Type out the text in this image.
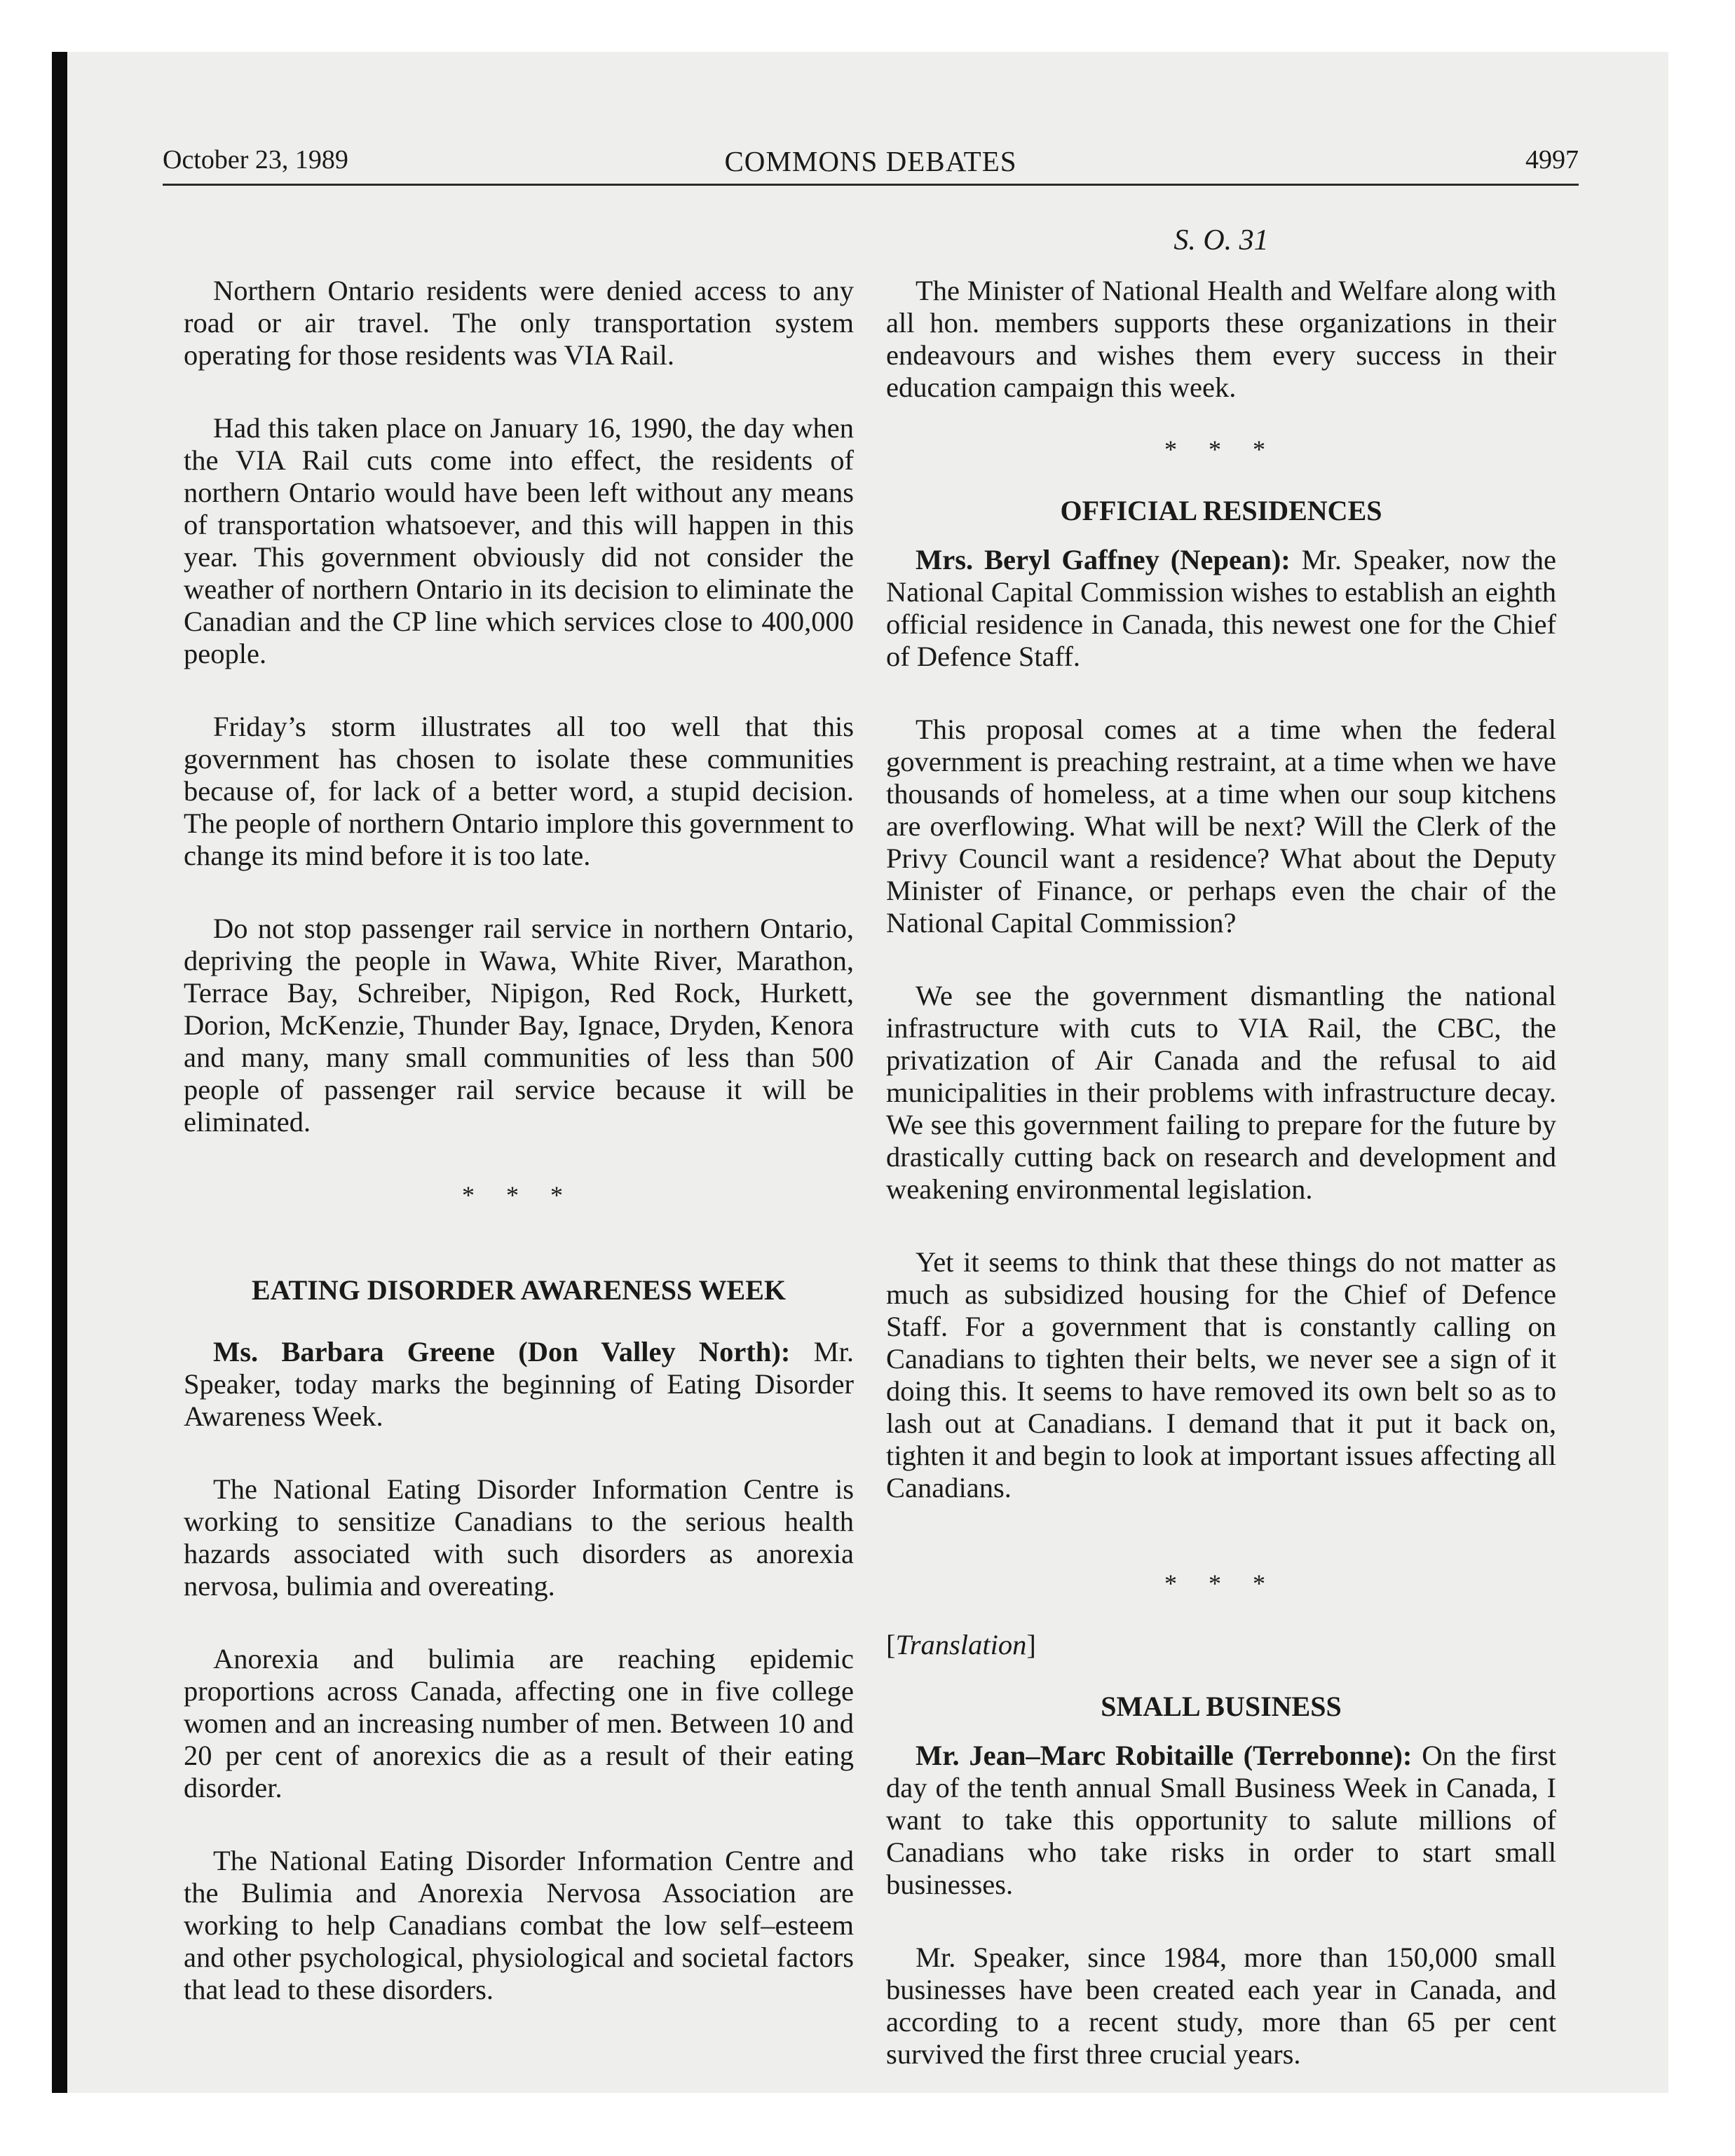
October 23, 1989	COMMONS DEBATES	4997

Northern Ontario residents were denied access to any road or air travel. The only transportation system operating for those residents was VIA Rail.

Had this taken place on January 16, 1990, the day when the VIA Rail cuts come into effect, the residents of northern Ontario would have been left without any means of transportation whatsoever, and this will happen in this year. This government obviously did not consider the weather of northern Ontario in its decision to eliminate the Canadian and the CP line which services close to 400,000 people.

Friday’s storm illustrates all too well that this government has chosen to isolate these communities because of, for lack of a better word, a stupid decision. The people of northern Ontario implore this government to change its mind before it is too late.

Do not stop passenger rail service in northern Ontario, depriving the people in Wawa, White River, Marathon, Terrace Bay, Schreiber, Nipigon, Red Rock, Hurkett, Dorion, McKenzie, Thunder Bay, Ignace, Dryden, Kenora and many, many small communities of less than 500 people of passenger rail service because it will be eliminated.

* * *
EATING DISORDER AWARENESS WEEK

Ms. Barbara Greene (Don Valley North): Mr. Speaker, today marks the beginning of Eating Disorder Awareness Week.

The National Eating Disorder Information Centre is working to sensitize Canadians to the serious health hazards associated with such disorders as anorexia nervosa, bulimia and overeating.

Anorexia and bulimia are reaching epidemic proportions across Canada, affecting one in five college women and an increasing number of men. Between 10 and 20 per cent of anorexics die as a result of their eating disorder.

The National Eating Disorder Information Centre and the Bulimia and Anorexia Nervosa Association are working to help Canadians combat the low self–esteem and other psychological, physiological and societal factors that lead to these disorders.

S. O. 31

The Minister of National Health and Welfare along with all hon. members supports these organizations in their endeavours and wishes them every success in their education campaign this week.

* * *
OFFICIAL RESIDENCES

Mrs. Beryl Gaffney (Nepean): Mr. Speaker, now the National Capital Commission wishes to establish an eighth official residence in Canada, this newest one for the Chief of Defence Staff.

This proposal comes at a time when the federal government is preaching restraint, at a time when we have thousands of homeless, at a time when our soup kitchens are overflowing. What will be next? Will the Clerk of the Privy Council want a residence? What about the Deputy Minister of Finance, or perhaps even the chair of the National Capital Commission?

We see the government dismantling the national infrastructure with cuts to VIA Rail, the CBC, the privatization of Air Canada and the refusal to aid municipalities in their problems with infrastructure decay. We see this government failing to prepare for the future by drastically cutting back on research and development and weakening environmental legislation.

Yet it seems to think that these things do not matter as much as subsidized housing for the Chief of Defence Staff. For a government that is constantly calling on Canadians to tighten their belts, we never see a sign of it doing this. It seems to have removed its own belt so as to lash out at Canadians. I demand that it put it back on, tighten it and begin to look at important issues affecting all Canadians.

* * *

[Translation]

SMALL BUSINESS

Mr. Jean–Marc Robitaille (Terrebonne): On the first day of the tenth annual Small Business Week in Canada, I want to take this opportunity to salute millions of Canadians who take risks in order to start small businesses.

Mr. Speaker, since 1984, more than 150,000 small businesses have been created each year in Canada, and according to a recent study, more than 65 per cent survived the first three crucial years.
